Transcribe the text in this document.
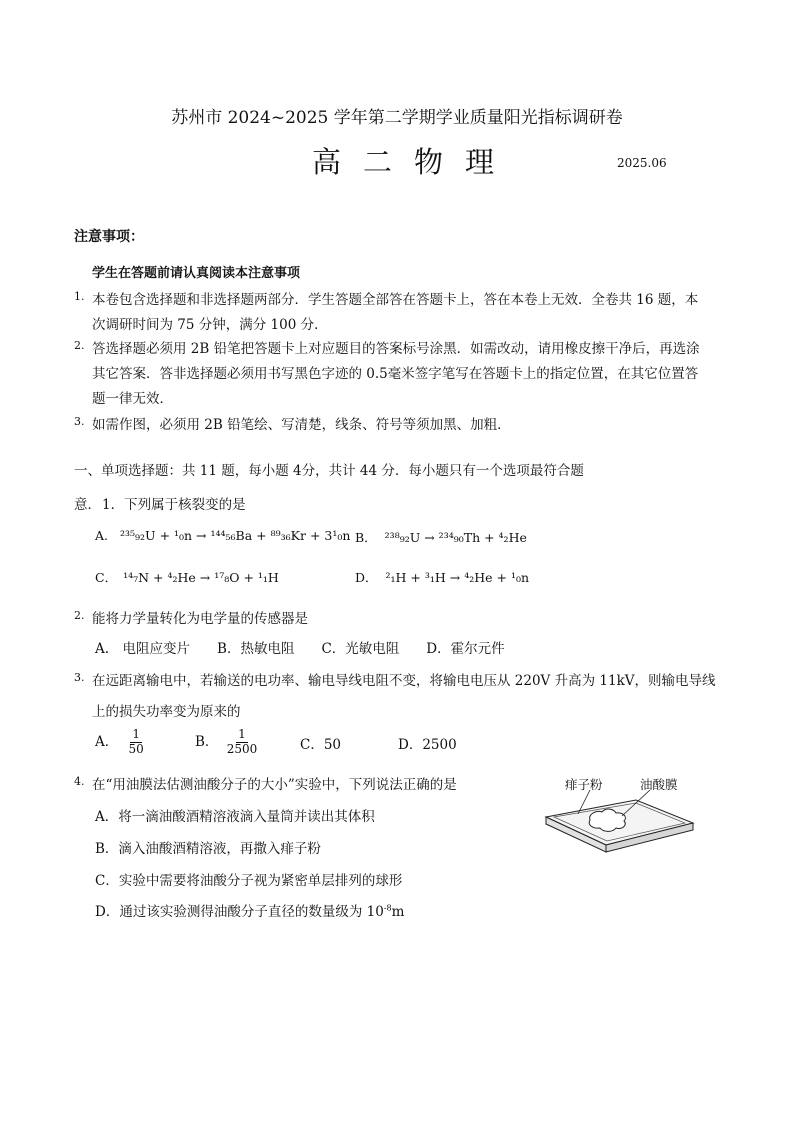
苏州市 2024~2025 学年第二学期学业质量阳光指标调研卷
高二物理	2025.06
注意事项：
学生在答题前请认真阅读本注意事项
1. 本卷包含选择题和非选择题两部分．学生答题全部答在答题卡上，答在本卷上无效．全卷共 16 题，本
次调研时间为 75 分钟，满分 100 分．
2. 答选择题必须用 2B 铅笔把答题卡上对应题目的答案标号涂黑．如需改动，请用橡皮擦干净后，再选涂
其它答案．答非选择题必须用书写黑色字迹的 0.5毫米签字笔写在答题卡上的指定位置，在其它位置答
题一律无效．
3. 如需作图，必须用 2B 铅笔绘、写清楚，线条、符号等须加黑、加粗．
一、单项选择题：共 11 题，每小题 4分，共计 44 分．每小题只有一个选项最符合题
意． 1．下列属于核裂变的是
A. ²³⁵₉₂U + ¹₀n → ¹⁴⁴₅₆Ba + ⁸⁹₃₆Kr + 3¹₀n B． ²³⁸₉₂U → ²³⁴₉₀Th + ⁴₂He
C． ¹⁴₇N + ⁴₂He → ¹⁷₈O + ¹₁H	D． ²₁H + ³₁H → ⁴₂He + ¹₀n
2. 能将力学量转化为电学量的传感器是
A.　电阻应变片　　B．热敏电阻　　C．光敏电阻　　D．霍尔元件
3. 在远距离输电中，若输送的电功率、输电导线电阻不变，将输电电压从 220V 升高为 11kV，则输电导线
上的损失功率变为原来的
A． $\frac{1}{50}$	B． $\frac{1}{2500}$	C．50	D．2500
4. 在“用油膜法估测油酸分子的大小”实验中，下列说法正确的是
A．将一滴油酸酒精溶液滴入量筒并读出其体积
B．滴入油酸酒精溶液，再撒入痱子粉
C．实验中需要将油酸分子视为紧密单层排列的球形
D．通过该实验测得油酸分子直径的数量级为 $10^{-8}m$
痱子粉	油酸膜
